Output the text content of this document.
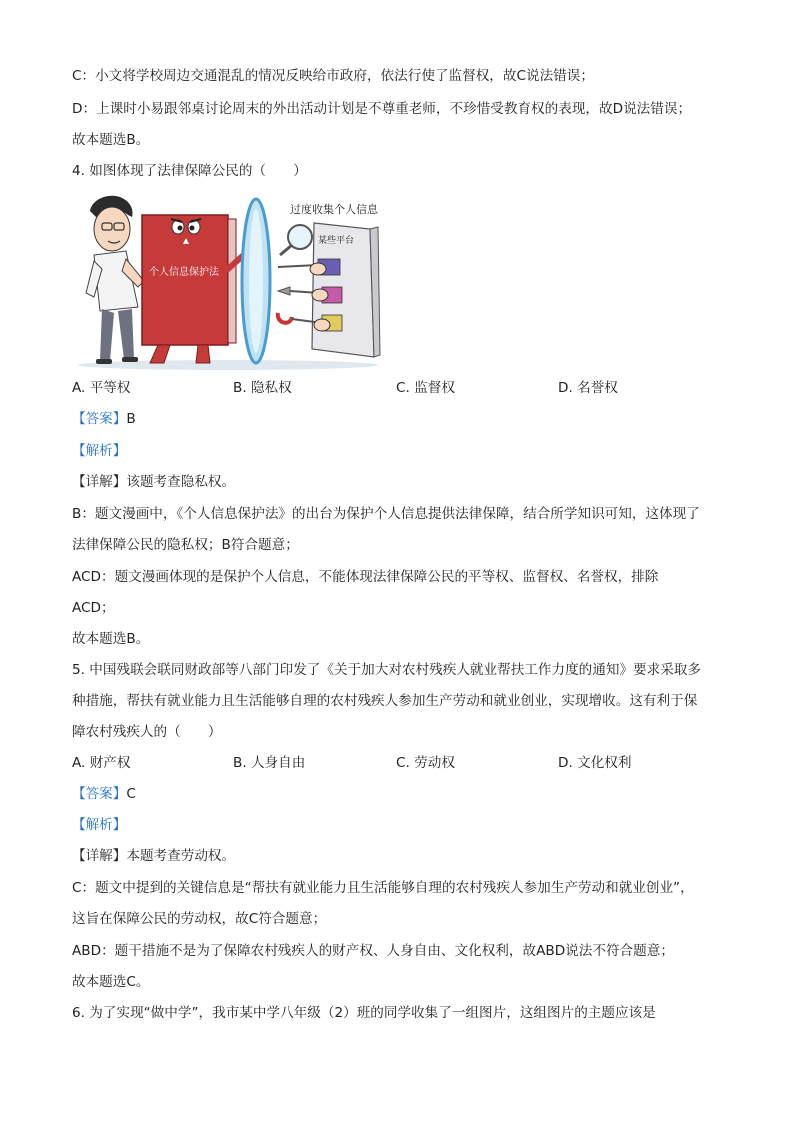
C：小文将学校周边交通混乱的情况反映给市政府，依法行使了监督权，故C说法错误；
D：上课时小易跟邻桌讨论周末的外出活动计划是不尊重老师，不珍惜受教育权的表现，故D说法错误；
故本题选B。
4. 如图体现了法律保障公民的（　　）
个人信息保护法
过度收集个人信息
某些平台
A. 平等权	B. 隐私权	C. 监督权	D. 名誉权
【答案】B
【解析】
【详解】该题考查隐私权。
B：题文漫画中，《个人信息保护法》的出台为保护个人信息提供法律保障，结合所学知识可知，这体现了
法律保障公民的隐私权；B符合题意；
ACD：题文漫画体现的是保护个人信息，不能体现法律保障公民的平等权、监督权、名誉权，排除
ACD；
故本题选B。
5. 中国残联会联同财政部等八部门印发了《关于加大对农村残疾人就业帮扶工作力度的通知》要求采取多
种措施，帮扶有就业能力且生活能够自理的农村残疾人参加生产劳动和就业创业，实现增收。这有利于保
障农村残疾人的（　　）
A. 财产权	B. 人身自由	C. 劳动权	D. 文化权利
【答案】C
【解析】
【详解】本题考查劳动权。
C：题文中提到的关键信息是“帮扶有就业能力且生活能够自理的农村残疾人参加生产劳动和就业创业”，
这旨在保障公民的劳动权，故C符合题意；
ABD：题干措施不是为了保障农村残疾人的财产权、人身自由、文化权利，故ABD说法不符合题意；
故本题选C。
6. 为了实现“做中学”，我市某中学八年级（2）班的同学收集了一组图片，这组图片的主题应该是
